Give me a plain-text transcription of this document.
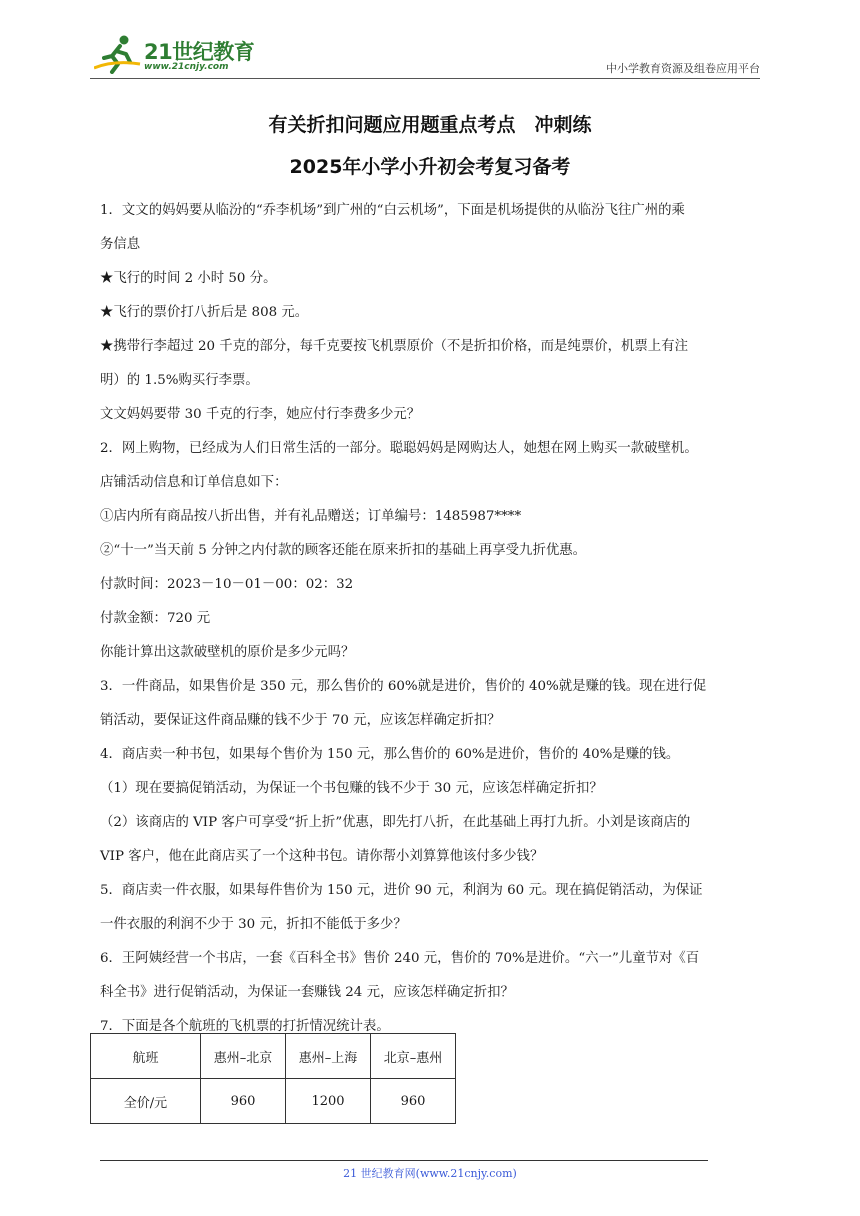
21世纪教育
www.21cnjy.com	中小学教育资源及组卷应用平台
有关折扣问题应用题重点考点　冲刺练
2025年小学小升初会考复习备考

1．文文的妈妈要从临汾的“乔李机场”到广州的“白云机场”，下面是机场提供的从临汾飞往广州的乘

务信息

★飞行的时间 2 小时 50 分。

★飞行的票价打八折后是 808 元。

★携带行李超过 20 千克的部分，每千克要按飞机票原价（不是折扣价格，而是纯票价，机票上有注

明）的 1.5%购买行李票。

文文妈妈要带 30 千克的行李，她应付行李费多少元？

2．网上购物，已经成为人们日常生活的一部分。聪聪妈妈是网购达人，她想在网上购买一款破壁机。

店铺活动信息和订单信息如下：

①店内所有商品按八折出售，并有礼品赠送；订单编号：1485987****

②“十一”当天前 5 分钟之内付款的顾客还能在原来折扣的基础上再享受九折优惠。

付款时间：2023－10－01－00：02：32

付款金额：720 元

你能计算出这款破壁机的原价是多少元吗？

3．一件商品，如果售价是 350 元，那么售价的 60%就是进价，售价的 40%就是赚的钱。现在进行促

销活动，要保证这件商品赚的钱不少于 70 元，应该怎样确定折扣？

4．商店卖一种书包，如果每个售价为 150 元，那么售价的 60%是进价，售价的 40%是赚的钱。

（1）现在要搞促销活动，为保证一个书包赚的钱不少于 30 元，应该怎样确定折扣？

（2）该商店的 VIP 客户可享受“折上折”优惠，即先打八折，在此基础上再打九折。小刘是该商店的

VIP 客户，他在此商店买了一个这种书包。请你帮小刘算算他该付多少钱？

5．商店卖一件衣服，如果每件售价为 150 元，进价 90 元，利润为 60 元。现在搞促销活动，为保证

一件衣服的利润不少于 30 元，折扣不能低于多少？

6．王阿姨经营一个书店，一套《百科全书》售价 240 元，售价的 70%是进价。“六一”儿童节对《百

科全书》进行促销活动，为保证一套赚钱 24 元，应该怎样确定折扣？

7．下面是各个航班的飞机票的打折情况统计表。

航班	惠州–北京	惠州–上海	北京–惠州
全价/元	960	1200	960
21 世纪教育网(www.21cnjy.com)
